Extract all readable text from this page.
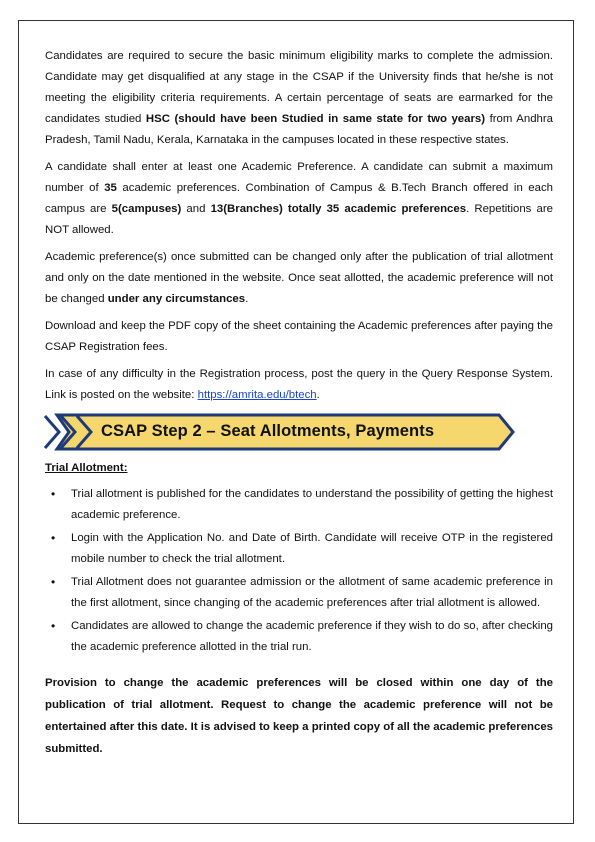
Candidates are required to secure the basic minimum eligibility marks to complete the admission. Candidate may get disqualified at any stage in the CSAP if the University finds that he/she is not meeting the eligibility criteria requirements. A certain percentage of seats are earmarked for the candidates studied HSC (should have been Studied in same state for two years) from Andhra Pradesh, Tamil Nadu, Kerala, Karnataka in the campuses located in these respective states.

A candidate shall enter at least one Academic Preference. A candidate can submit a maximum number of 35 academic preferences. Combination of Campus & B.Tech Branch offered in each campus are 5(campuses) and 13(Branches) totally 35 academic preferences. Repetitions are NOT allowed.

Academic preference(s) once submitted can be changed only after the publication of trial allotment and only on the date mentioned in the website. Once seat allotted, the academic preference will not be changed under any circumstances.

Download and keep the PDF copy of the sheet containing the Academic preferences after paying the CSAP Registration fees.

In case of any difficulty in the Registration process, post the query in the Query Response System. Link is posted on the website: https://amrita.edu/btech.

CSAP Step 2 – Seat Allotments, Payments

Trial Allotment:

• Trial allotment is published for the candidates to understand the possibility of getting the highest academic preference.
• Login with the Application No. and Date of Birth. Candidate will receive OTP in the registered mobile number to check the trial allotment.
• Trial Allotment does not guarantee admission or the allotment of same academic preference in the first allotment, since changing of the academic preferences after trial allotment is allowed.
• Candidates are allowed to change the academic preference if they wish to do so, after checking the academic preference allotted in the trial run.

Provision to change the academic preferences will be closed within one day of the publication of trial allotment. Request to change the academic preference will not be entertained after this date. It is advised to keep a printed copy of all the academic preferences submitted.
